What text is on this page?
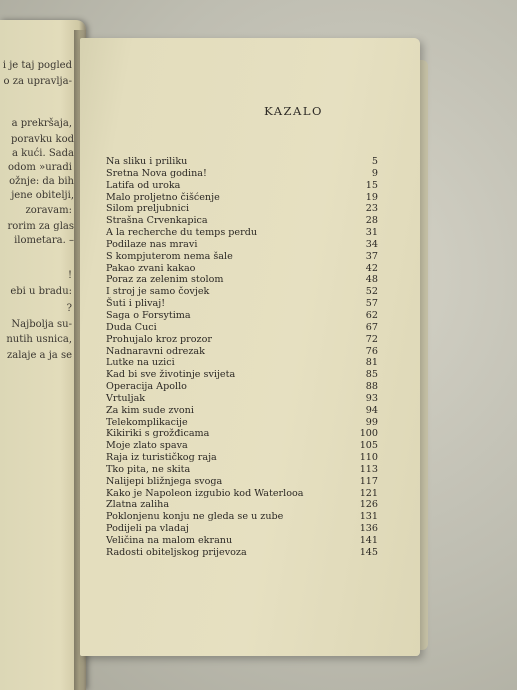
i je taj pogled
o za upravlja-
a prekršaja,
poravku kod
a kući. Sada
odom »uradi
ožnje: da bih
jene obitelji,
zoravam:
rorim za glas
ilometara. –
!
ebi u bradu:
?
Najbolja su-
nutih usnica,
zalaje a ja se
KAZALO
Na sliku i priliku	5
Sretna Nova godina!	9
Latifa od uroka	15
Malo proljetno čišćenje	19
Silom preljubnici	23
Strašna Crvenkapica	28
A la recherche du temps perdu	31
Podilaze nas mravi	34
S kompjuterom nema šale	37
Pakao zvani kakao	42
Poraz za zelenim stolom	48
I stroj je samo čovjek	52
Šuti i plivaj!	57
Saga o Forsytima	62
Duda Cuci	67
Prohujalo kroz prozor	72
Nadnaravni odrezak	76
Lutke na uzici	81
Kad bi sve životinje svijeta	85
Operacija Apollo	88
Vrtuljak	93
Za kim sude zvoni	94
Telekomplikacije	99
Kikiriki s grožđicama	100
Moje zlato spava	105
Raja iz turističkog raja	110
Tko pita, ne skita	113
Nalijepi bližnjega svoga	117
Kako je Napoleon izgubio kod Waterlooa	121
Zlatna zaliha	126
Poklonjenu konju ne gleda se u zube	131
Podijeli pa vladaj	136
Veličina na malom ekranu	141
Radosti obiteljskog prijevoza	145
